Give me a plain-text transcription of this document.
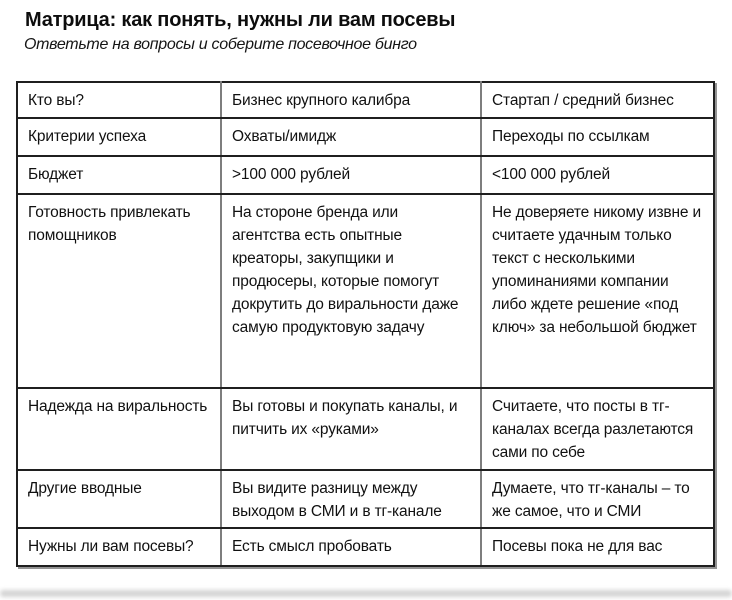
Матрица: как понять, нужны ли вам посевы

Ответьте на вопросы и соберите посевочное бинго

Кто вы?	Бизнес крупного калибра	Стартап / средний бизнес
Критерии успеха	Охваты/имидж	Переходы по ссылкам
Бюджет	>100 000 рублей	<100 000 рублей
Готовность привлекать помощников	На стороне бренда или агентства есть опытные креаторы, закупщики и продюсеры, которые помогут докрутить до виральности даже самую продуктовую задачу	Не доверяете никому извне и считаете удачным только текст с несколькими упоминаниями компании либо ждете решение «под ключ» за небольшой бюджет
Надежда на виральность	Вы готовы и покупать каналы, и питчить их «руками»	Считаете, что посты в тг-каналах всегда разлетаются сами по себе
Другие вводные	Вы видите разницу между выходом в СМИ и в тг-канале	Думаете, что тг-каналы – то же самое, что и СМИ
Нужны ли вам посевы?	Есть смысл пробовать	Посевы пока не для вас
